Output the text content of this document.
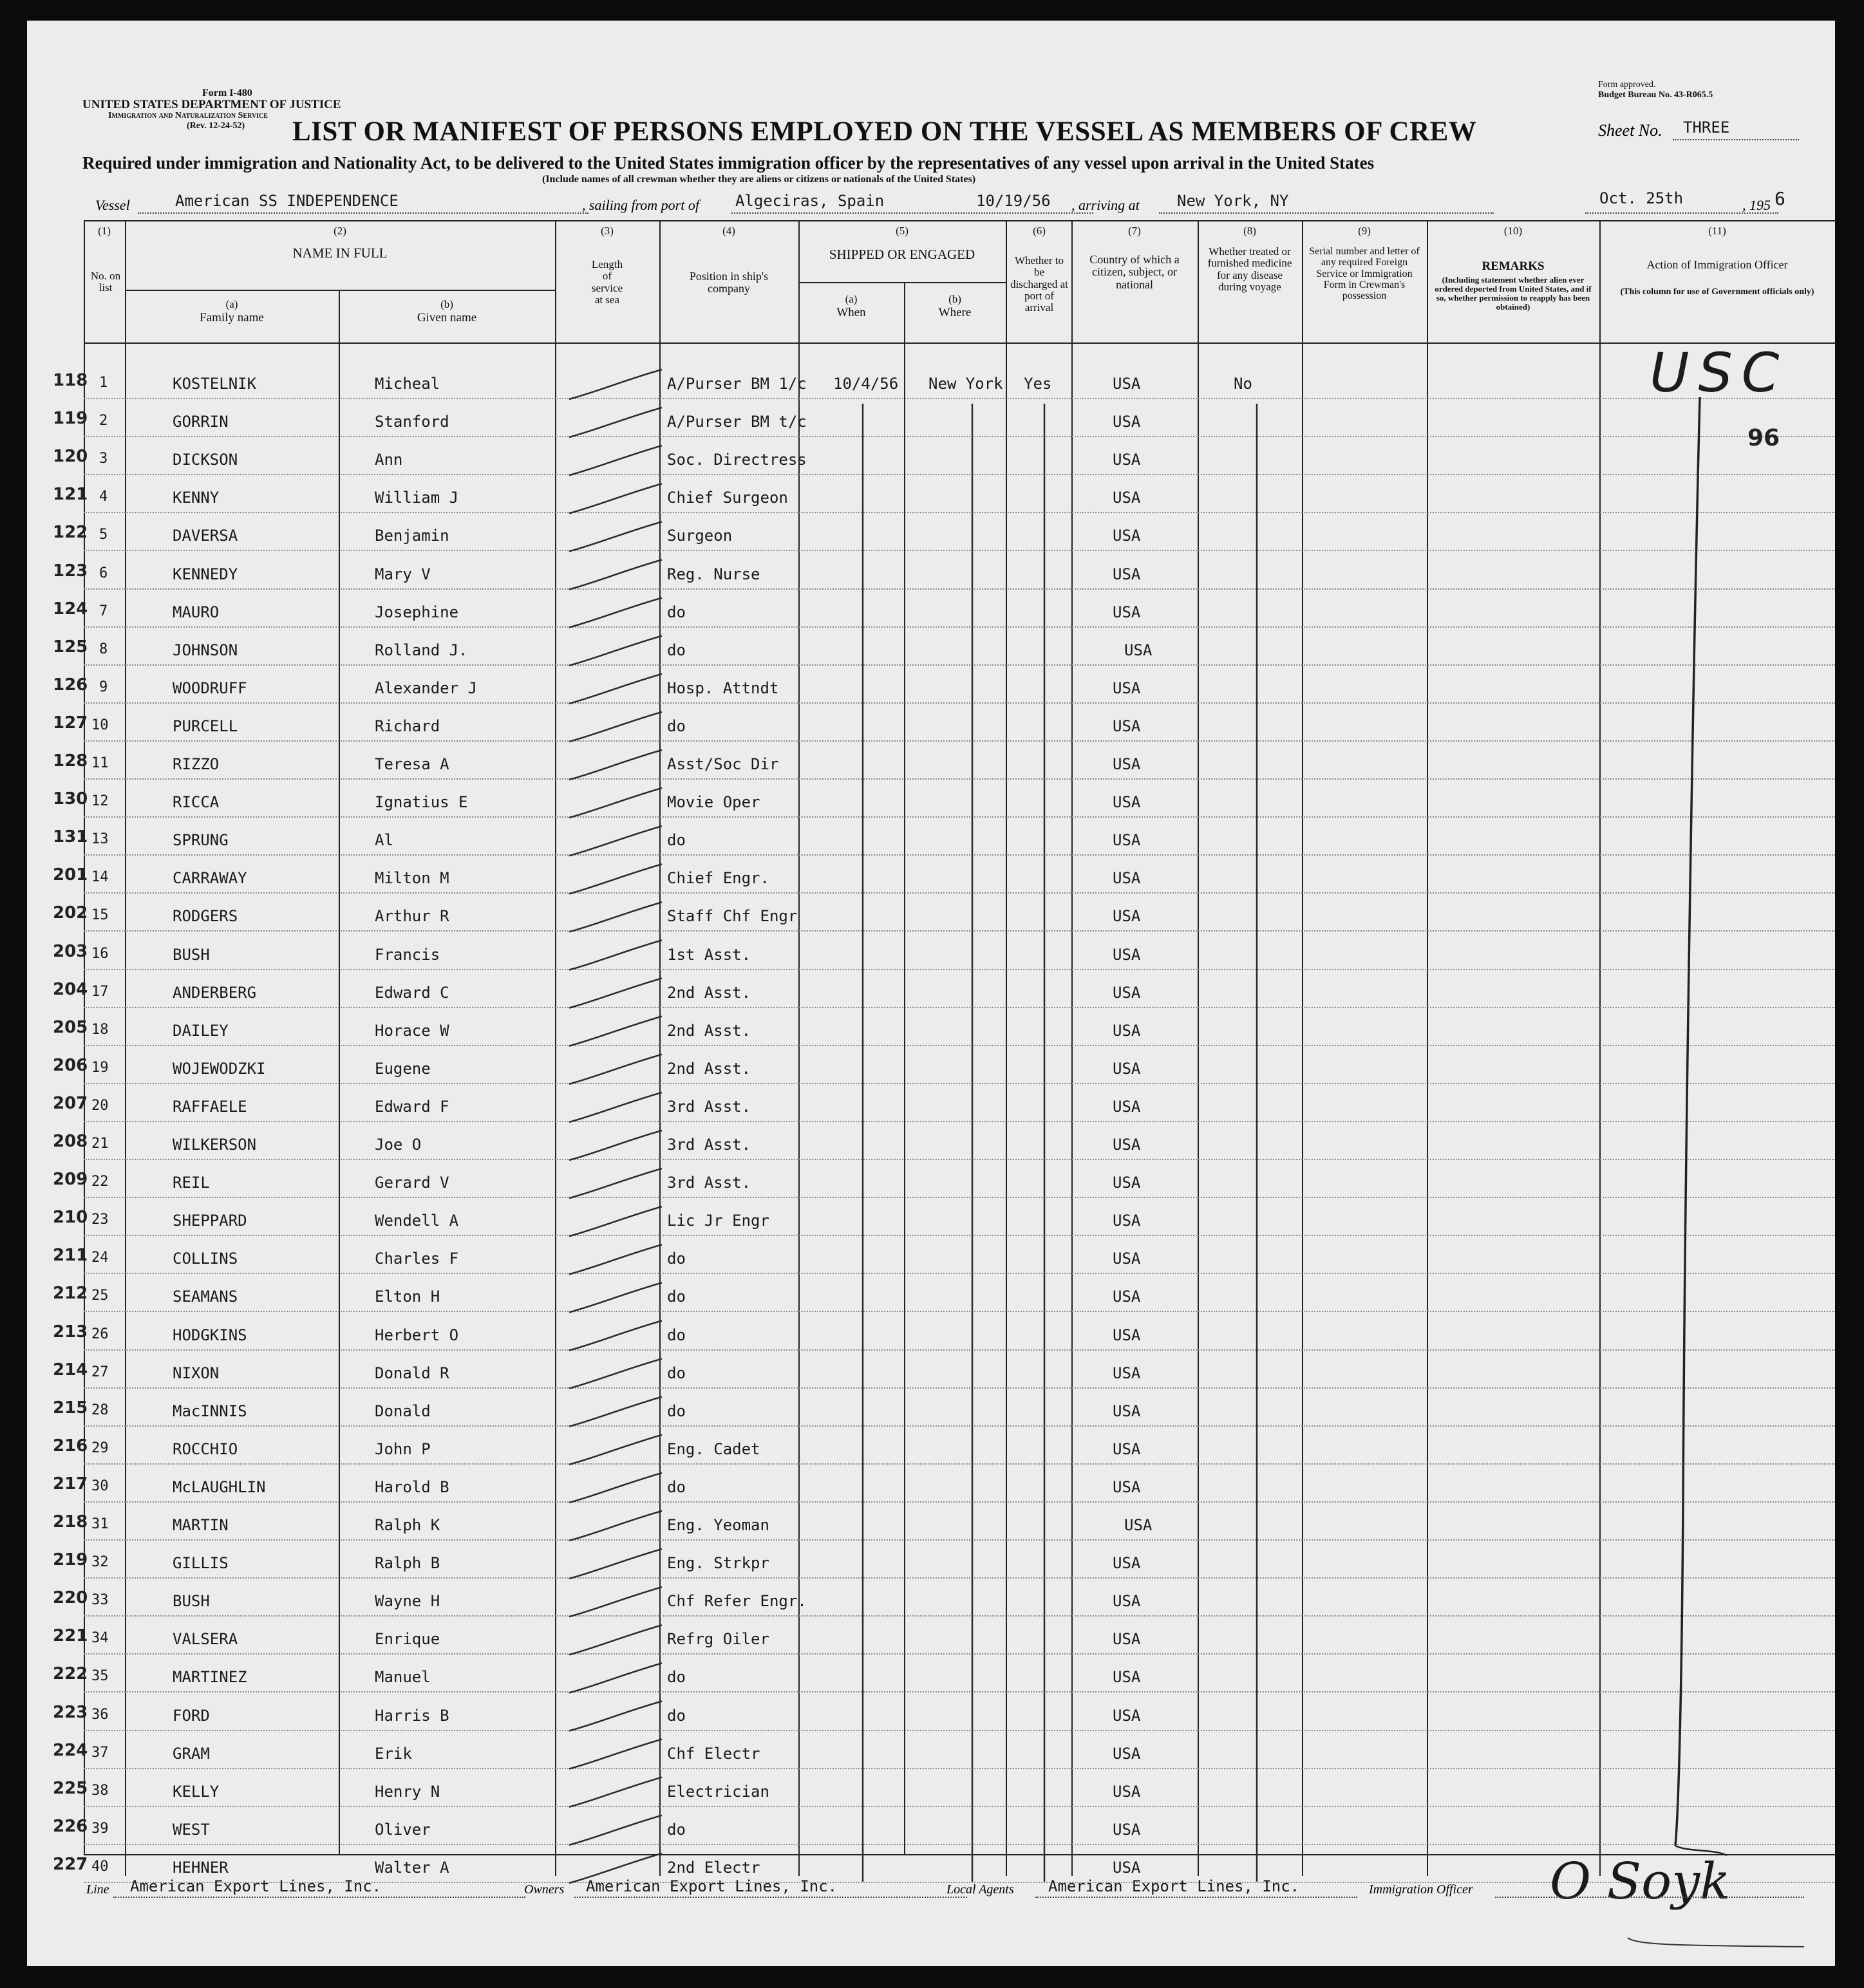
Form I-480
UNITED STATES DEPARTMENT OF JUSTICE
Immigration and Naturalization Service
(Rev. 12-24-52)
Form approved.
Budget Bureau No. 43-R065.5
LIST OR MANIFEST OF PERSONS EMPLOYED ON THE VESSEL AS MEMBERS OF CREW	Sheet No. THREE
Required under immigration and Nationality Act, to be delivered to the United States immigration officer by the representatives of any vessel upon arrival in the United States
(Include names of all crewman whether they are aliens or citizens or nationals of the United States)
Vessel	American SS INDEPENDENCE	, sailing from port of Algeciras, Spain	10/19/56 , arriving at New York, NY	Oct. 25th	, 195 6
(1)
No. on list
(2)
NAME IN FULL
(a)
Family name
(b)
Given name
(3)
Length of service at sea
(4)
Position in ship's company
(5)
SHIPPED OR ENGAGED
(a)
When
(b)
Where
(6)
Whether to be discharged at port of arrival
(7)
Country of which a citizen, subject, or national
(8)
Whether treated or furnished medicine for any disease during voyage
(9)
Serial number and letter of any required Foreign Service or Immigration Form in Crewman's possession
(10)
REMARKS
(Including statement whether alien ever ordered deported from United States, and if so, whether permission to reapply has been obtained)
(11)
Action of Immigration Officer
(This column for use of Government officials only)
118 1	KOSTELNIK	Micheal	A/Purser BM 1/c 10/4/56 New York Yes	USA	No
119 2	GORRIN	Stanford	A/Purser BM t/c	USA
120 3	DICKSON	Ann	Soc. Directress	USA
121 4	KENNY	William J	Chief Surgeon	USA
122 5	DAVERSA	Benjamin	Surgeon	USA
123 6	KENNEDY	Mary V	Reg. Nurse	USA
124 7	MAURO	Josephine	do	USA
125 8	JOHNSON	Rolland J.	do	USA
126 9	WOODRUFF	Alexander J	Hosp. Attndt	USA
127 10	PURCELL	Richard	do	USA
128 11	RIZZO	Teresa A	Asst/Soc Dir	USA
130 12	RICCA	Ignatius E	Movie Oper	USA
131 13	SPRUNG	Al	do	USA
201 14	CARRAWAY	Milton M	Chief Engr.	USA
202 15	RODGERS	Arthur R	Staff Chf Engr	USA
203 16	BUSH	Francis	1st Asst.	USA
204 17	ANDERBERG	Edward C	2nd Asst.	USA
205 18	DAILEY	Horace W	2nd Asst.	USA
206 19	WOJEWODZKI	Eugene	2nd Asst.	USA
207 20	RAFFAELE	Edward F	3rd Asst.	USA
208 21	WILKERSON	Joe O	3rd Asst.	USA
209 22	REIL	Gerard V	3rd Asst.	USA
210 23	SHEPPARD	Wendell A	Lic Jr Engr	USA
211 24	COLLINS	Charles F	do	USA
212 25	SEAMANS	Elton H	do	USA
213 26	HODGKINS	Herbert O	do	USA
214 27	NIXON	Donald R	do	USA
215 28	MacINNIS	Donald	do	USA
216 29	ROCCHIO	John P	Eng. Cadet	USA
217 30	McLAUGHLIN	Harold B	do	USA
218 31	MARTIN	Ralph K	Eng. Yeoman	USA
219 32	GILLIS	Ralph B	Eng. Strkpr	USA
220 33	BUSH	Wayne H	Chf Refer Engr.	USA
221 34	VALSERA	Enrique	Refrg Oiler	USA
222 35	MARTINEZ	Manuel	do	USA
223 36	FORD	Harris B	do	USA
224 37	GRAM	Erik	Chf Electr	USA
225 38	KELLY	Henry N	Electrician	USA
226 39	WEST	Oliver	do	USA
227 40	HEHNER	Walter A	2nd Electr	USA
USC
96
O Soyk
Line American Export Lines, Inc.	Owners American Export Lines, Inc.	Local Agents American Export Lines, Inc.	Immigration Officer
